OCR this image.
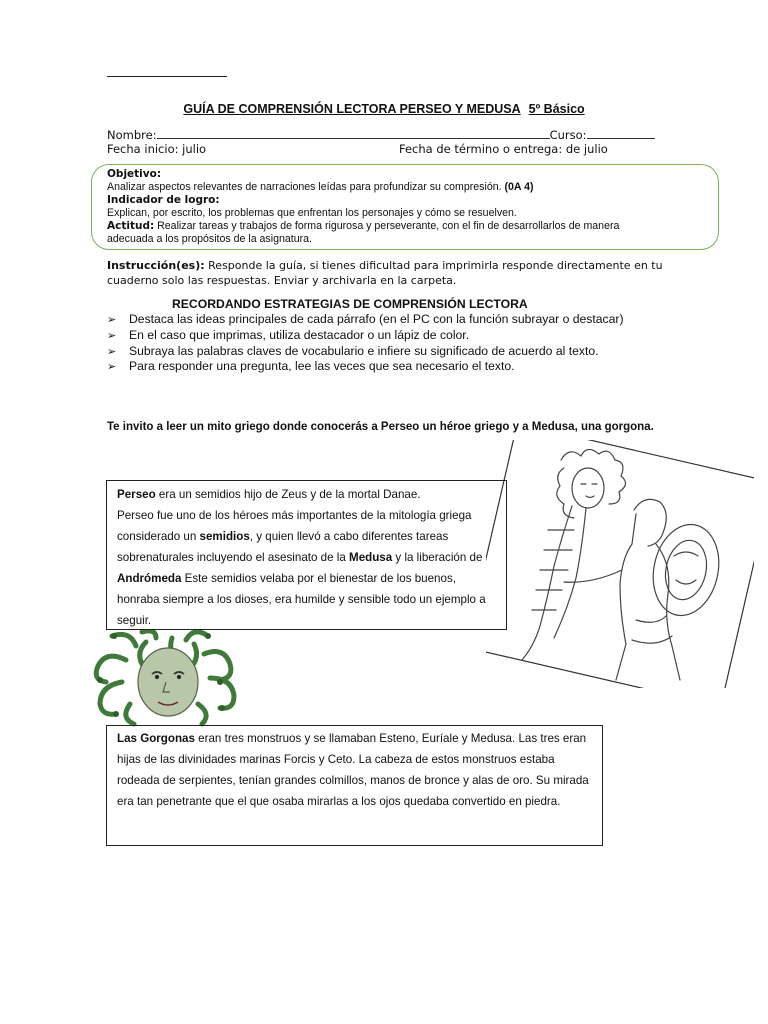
GUÍA DE COMPRENSIÓN LECTORA PERSEO Y MEDUSA 5º Básico
Nombre:	Curso:
Fecha inicio: julio	Fecha de término o entrega: de julio
Objetivo:
Analizar aspectos relevantes de narraciones leídas para profundizar su compresión. (0A 4)
Indicador de logro:
Explican, por escrito, los problemas que enfrentan los personajes y cómo se resuelven.
Actitud: Realizar tareas y trabajos de forma rigurosa y perseverante, con el fin de desarrollarlos de manera adecuada a los propósitos de la asignatura.
Instrucción(es): Responde la guía, si tienes dificultad para imprimirla responde directamente en tu cuaderno solo las respuestas. Enviar y archivarla en la carpeta.
RECORDANDO ESTRATEGIAS DE COMPRENSIÓN LECTORA
➢ Destaca las ideas principales de cada párrafo (en el PC con la función subrayar o destacar)
➢ En el caso que imprimas, utiliza destacador o un lápiz de color.
➢ Subraya las palabras claves de vocabulario e infiere su significado de acuerdo al texto.
➢ Para responder una pregunta, lee las veces que sea necesario el texto.
Te invito a leer un mito griego donde conocerás a Perseo un héroe griego y a Medusa, una gorgona.
Perseo era un semidios hijo de Zeus y de la mortal Danae.
Perseo fue uno de los héroes más importantes de la mitología griega considerado un semidios, y quien llevó a cabo diferentes tareas sobrenaturales incluyendo el asesinato de la Medusa y la liberación de Andrómeda Este semidios velaba por el bienestar de los buenos, honraba siempre a los dioses, era humilde y sensible todo un ejemplo a seguir.
Las Gorgonas eran tres monstruos y se llamaban Esteno, Euríale y Medusa. Las tres eran hijas de las divinidades marinas Forcis y Ceto. La cabeza de estos monstruos estaba rodeada de serpientes, tenían grandes colmillos, manos de bronce y alas de oro. Su mirada era tan penetrante que el que osaba mirarlas a los ojos quedaba convertido en piedra.
